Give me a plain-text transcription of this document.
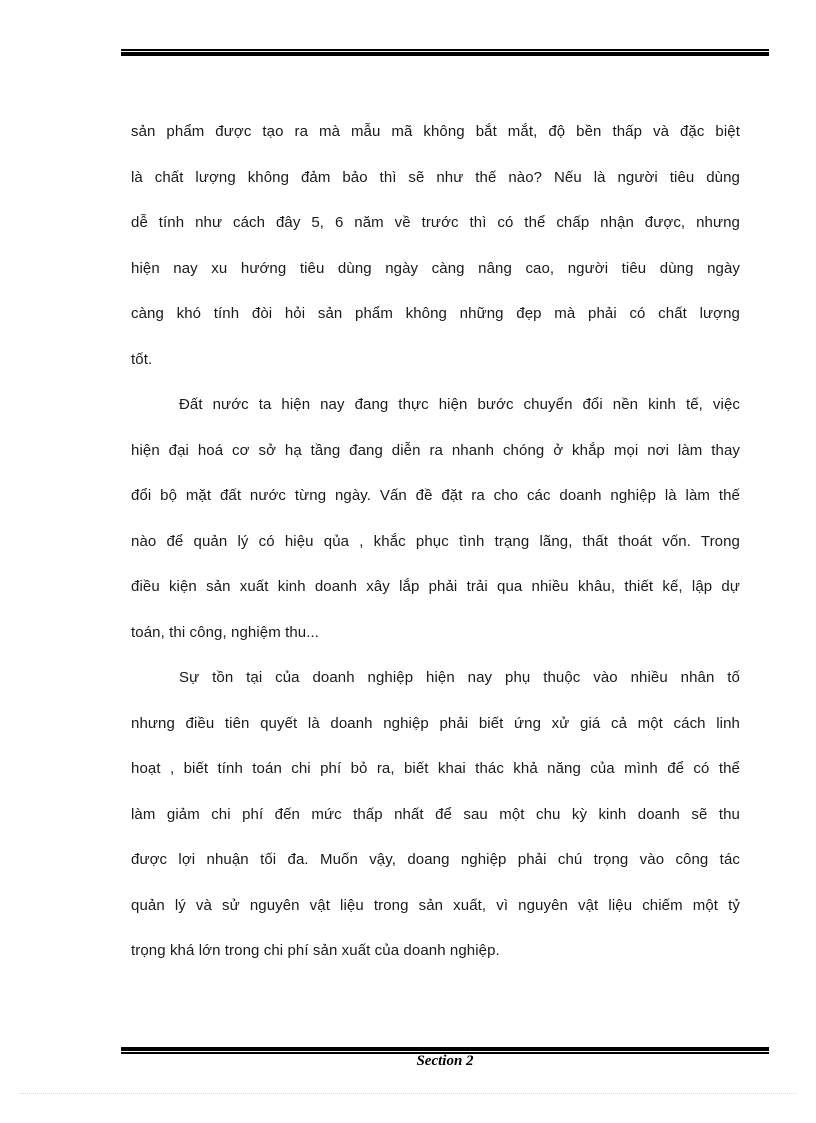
sản phẩm được tạo ra mà mẫu mã không bắt mắt, độ bền thấp và đặc biệt
là chất lượng không đảm bảo thì sẽ như thế nào? Nếu là người tiêu dùng
dễ tính như cách đây 5, 6 năm về trước thì có thể chấp nhận được, nhưng
hiện nay xu hướng tiêu dùng ngày càng nâng cao, người tiêu dùng ngày
càng khó tính đòi hỏi sản phẩm không những đẹp mà phải có chất lượng
tốt.
Đất nước ta hiện nay đang thực hiện bước chuyển đổi nền kinh tế, việc
hiện đại hoá cơ sở hạ tầng đang diễn ra nhanh chóng ở khắp mọi nơi làm thay
đổi bộ mặt đất nước từng ngày. Vấn đề đặt ra cho các doanh nghiệp là làm thế
nào để quản lý có hiệu qủa , khắc phục tình trạng lãng, thất thoát vốn. Trong
điều kiện sản xuất kinh doanh xây lắp phải trải qua nhiều khâu, thiết kế, lập dự
toán, thi công, nghiệm thu...
Sự tồn tại của doanh nghiệp hiện nay phụ thuộc vào nhiều nhân tố
nhưng điều tiên quyết là doanh nghiệp phải biết ứng xử giá cả một cách linh
hoạt , biết tính toán chi phí bỏ ra, biết khai thác khả năng của mình để có thể
làm giảm chi phí đến mức thấp nhất để sau một chu kỳ kinh doanh sẽ thu
được lợi nhuận tối đa. Muốn vậy, doang nghiệp phải chú trọng vào công tác
quản lý và sử nguyên vật liệu trong sản xuất, vì nguyên vật liệu chiếm một tỷ
trọng khá lớn trong chi phí sản xuất của doanh nghiệp.
Section 2
